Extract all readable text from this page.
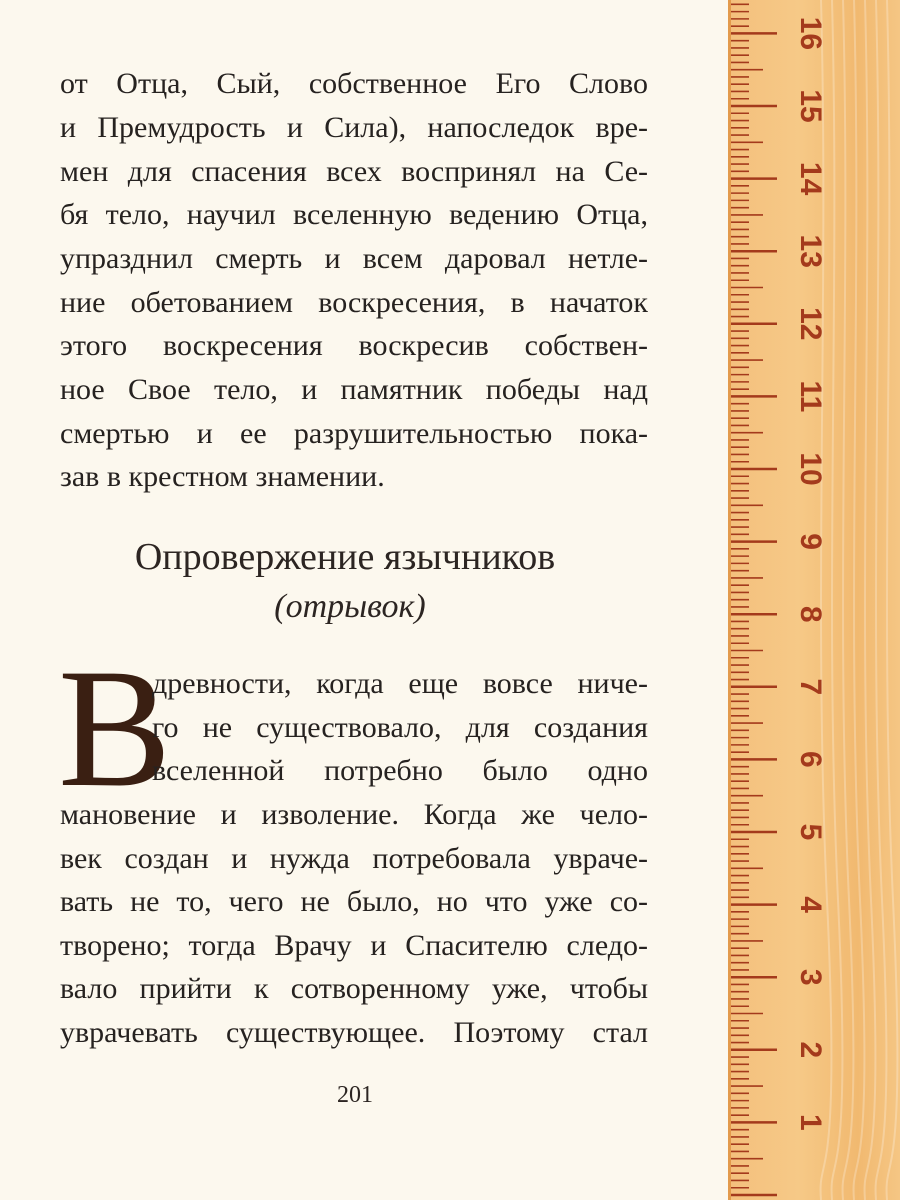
от Отца, Сый, собственное Его Слово
и Премудрость и Сила), напоследок вре-
мен для спасения всех воспринял на Се-
бя тело, научил вселенную ведению Отца,
упразднил смерть и всем даровал нетле-
ние обетованием воскресения, в начаток
этого воскресения воскресив собствен-
ное Свое тело, и памятник победы над
смертью и ее разрушительностью пока-
зав в крестном знамении.
Опровержение язычников
(отрывок)
В
древности, когда еще вовсе ниче-
го не существовало, для создания
вселенной потребно было одно
мановение и изволение. Когда же чело-
век создан и нужда потребовала уврачe-
вать не то, чего не было, но что уже со-
творено; тогда Врачу и Спасителю следо-
вало прийти к сотворенному уже, чтобы
уврачевать существующее. Поэтому стал
201
1
2
3
4
5
6
7
8
9
10
11
12
13
14
15
16
